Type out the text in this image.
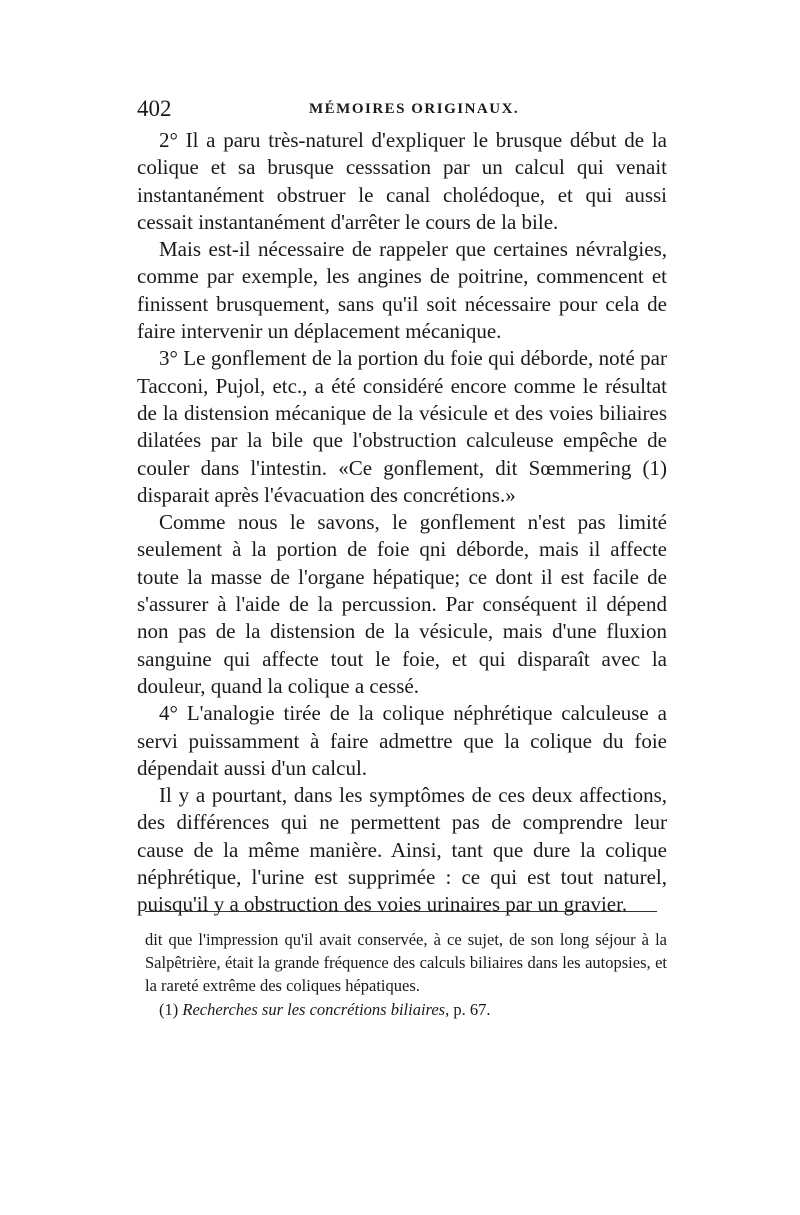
402	MÉMOIRES ORIGINAUX.

2° Il a paru très-naturel d'expliquer le brusque début de la colique et sa brusque cesssation par un calcul qui venait instantanément obstruer le canal cholédoque, et qui aussi cessait instantanément d'arrêter le cours de la bile.

Mais est-il nécessaire de rappeler que certaines névralgies, comme par exemple, les angines de poitrine, commencent et finissent brusquement, sans qu'il soit nécessaire pour cela de faire intervenir un déplacement mécanique.

3° Le gonflement de la portion du foie qui déborde, noté par Tacconi, Pujol, etc., a été considéré encore comme le résultat de la distension mécanique de la vésicule et des voies biliaires dilatées par la bile que l'obstruction calculeuse empêche de couler dans l'intestin. «Ce gonflement, dit Sœmmering (1) disparait après l'évacuation des concrétions.»

Comme nous le savons, le gonflement n'est pas limité seulement à la portion de foie qni déborde, mais il affecte toute la masse de l'organe hépatique; ce dont il est facile de s'assurer à l'aide de la percussion. Par conséquent il dépend non pas de la distension de la vésicule, mais d'une fluxion sanguine qui affecte tout le foie, et qui disparaît avec la douleur, quand la colique a cessé.

4° L'analogie tirée de la colique néphrétique calculeuse a servi puissamment à faire admettre que la colique du foie dépendait aussi d'un calcul.

Il y a pourtant, dans les symptômes de ces deux affections, des différences qui ne permettent pas de comprendre leur cause de la même manière. Ainsi, tant que dure la colique néphrétique, l'urine est supprimée : ce qui est tout naturel, puisqu'il y a obstruction des voies urinaires par un gravier.

dit que l'impression qu'il avait conservée, à ce sujet, de son long séjour à la Salpêtrière, était la grande fréquence des calculs biliaires dans les autopsies, et la rareté extrême des coliques hépatiques.

(1) Recherches sur les concrétions biliaires, p. 67.
